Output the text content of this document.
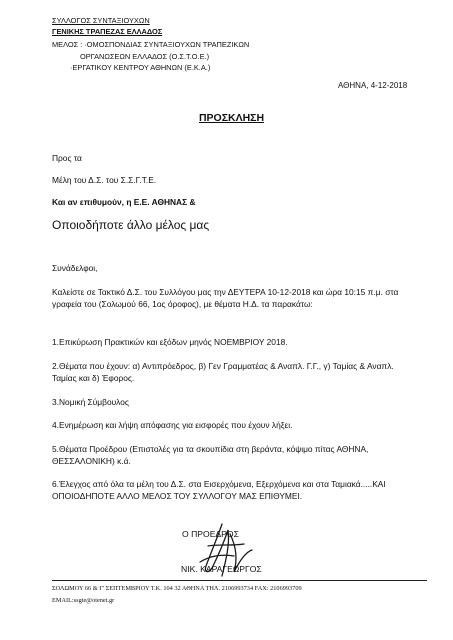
ΣΥΛΛΟΓΟΣ ΣΥΝΤΑΞΙΟΥΧΩΝ
ΓΕΝΙΚΗΣ ΤΡΑΠΕΖΑΣ ΕΛΛΑΔΟΣ
ΜΕΛΟΣ : ·ΟΜΟΣΠΟΝΔΙΑΣ ΣΥΝΤΑΞΙΟΥΧΩΝ ΤΡΑΠΕΖΙΚΩΝ
ΟΡΓΑΝΩΣΕΩΝ ΕΛΛΑΔΟΣ (Ο.Σ.Τ.Ο.Ε.)
·ΕΡΓΑΤΙΚΟΥ ΚΕΝΤΡΟΥ ΑΘΗΝΩΝ (Ε.Κ.Α.)
ΑΘΗΝΑ, 4-12-2018
ΠΡΟΣΚΛΗΣΗ
Προς τα
Μέλη του Δ.Σ. του Σ.Σ.Γ.Τ.Ε.
Και αν επιθυμούν, η Ε.Ε. ΑΘΗΝΑΣ &
Οποιοδήποτε άλλο μέλος μας
Συνάδελφοι,
Καλείστε σε Τακτικό Δ.Σ. του Συλλόγου μας την ΔΕΥΤΕΡΑ 10-12-2018 και ώρα 10:15 π.μ. στα γραφεία του (Σολωμού 66, 1ος όροφος), με θέματα Η.Δ. τα παρακάτω:
1.Επικύρωση Πρακτικών και εξόδων μηνός ΝΟΕΜΒΡΙΟΥ 2018.
2.Θέματα που έχουν: α) Αντιπρόεδρος, β) Γεν Γραμματέας & Αναπλ. Γ.Γ., γ) Ταμίας & Αναπλ. Ταμίας και δ) Έφορος.
3.Νομική Σύμβουλος
4.Ενημέρωση και λήψη απόφασης για εισφορές που έχουν λήξει.
5.Θέματα Προέδρου (Επιστολές για τα σκουπίδια στη βεράντα, κόψιμο πίτας ΑΘΗΝΑ, ΘΕΣΣΑΛΟΝΙΚΗ) κ.ά.
6.Έλεγχος από όλα τα μέλη του Δ.Σ. στα Εισερχόμενα, Εξερχόμενα και στα Ταμιακά.....ΚΑΙ ΟΠΟΙΟΔΗΠΟΤΕ ΑΛΛΟ ΜΕΛΟΣ ΤΟΥ ΣΥΛΛΟΓΟΥ ΜΑΣ ΕΠΙΘΥΜΕΙ.
Ο ΠΡΟΕΔΡΟΣ
ΝΙΚ. ΚΑΡΑΓΕΩΡΓΟΣ
ΣΟΛΩΜΟΥ 66 & Γ' ΣΕΠΤΕΜΒΡΙΟΥ Τ.Κ. 104 32 ΑΘΗΝΑ ΤΗΛ. 2106993734 FAX: 2106993709
EMAIL:ssgte@otenet.gr
